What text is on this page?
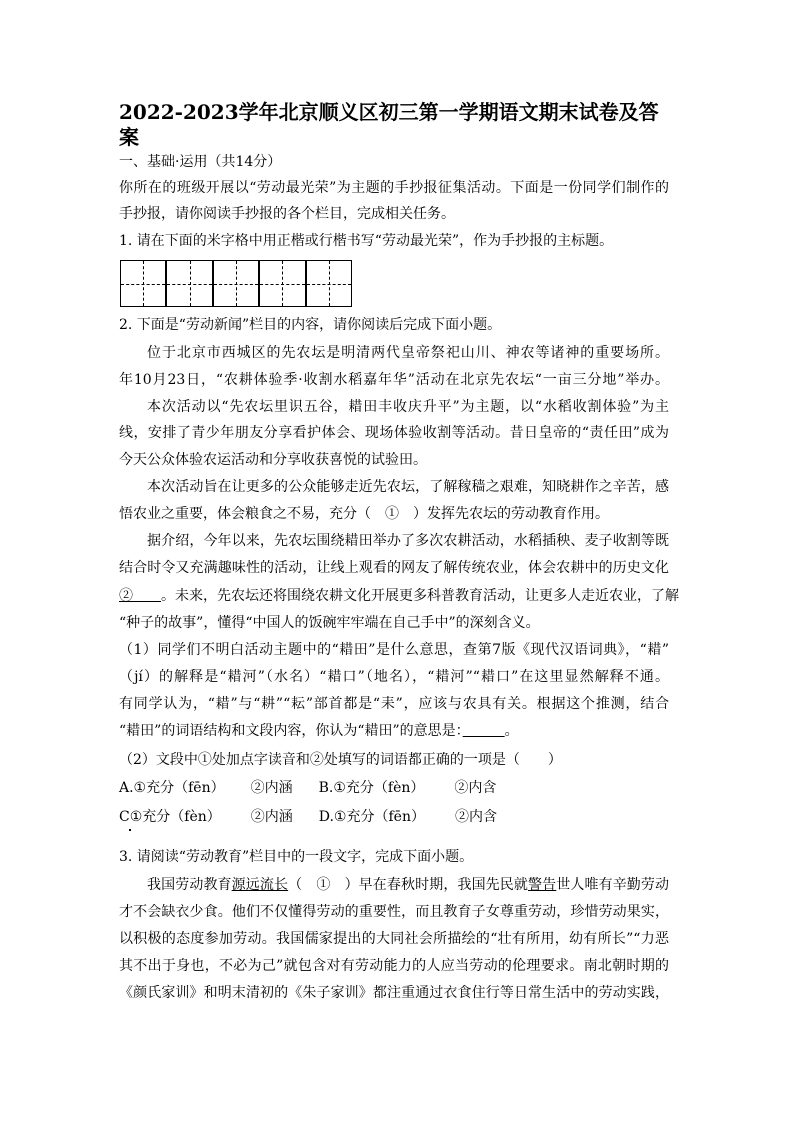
2022-2023学年北京顺义区初三第一学期语文期末试卷及答
案
一、基础·运用（共14分）
你所在的班级开展以“劳动最光荣”为主题的手抄报征集活动。下面是一份同学们制作的
手抄报，请你阅读手抄报的各个栏目，完成相关任务。
1. 请在下面的米字格中用正楷或行楷书写“劳动最光荣”，作为手抄报的主标题。
2. 下面是“劳动新闻”栏目的内容，请你阅读后完成下面小题。
位于北京市西城区的先农坛是明清两代皇帝祭祀山川、神农等诸神的重要场所。
年10月23日，“农耕体验季·收割水稻嘉年华”活动在北京先农坛“一亩三分地”举办。
本次活动以“先农坛里识五谷，耤田丰收庆升平”为主题，以“水稻收割体验”为主
线，安排了青少年朋友分享看护体会、现场体验收割等活动。昔日皇帝的“责任田”成为
今天公众体验农运活动和分享收获喜悦的试验田。
本次活动旨在让更多的公众能够走近先农坛，了解稼穑之艰难，知晓耕作之辛苦，感
悟农业之重要，体会粮食之不易，充分（　①　）发挥先农坛的劳动教育作用。
据介绍，今年以来，先农坛围绕耤田举办了多次农耕活动，水稻插秧、麦子收割等既
结合时令又充满趣味性的活动，让线上观看的网友了解传统农业，体会农耕中的历史文化
②　　。未来，先农坛还将围绕农耕文化开展更多科普教育活动，让更多人走近农业，了解
“种子的故事”，懂得“中国人的饭碗牢牢端在自己手中”的深刻含义。
（1）同学们不明白活动主题中的“耤田”是什么意思，查第7版《现代汉语词典》，“耤”
（jí）的解释是“耤河”（水名）“耤口”（地名），“耤河”“耤口”在这里显然解释不通。
有同学认为，“耤”与“耕”“耘”部首都是“耒”，应该与农具有关。根据这个推测，结合
“耤田”的词语结构和文段内容，你认为“耤田”的意思是：　　　	。
（2）文段中①处加点字读音和②处填写的词语都正确的一项是（　　）
A.①充分（fēn） ②内涵 B.①充分（fèn） ②内含
C①充分（fèn） ②内涵 D.①充分（fēn） ②内含
3. 请阅读“劳动教育”栏目中的一段文字，完成下面小题。
我国劳动教育源远流长（　①　）早在春秋时期，我国先民就警告世人唯有辛勤劳动
才不会缺衣少食。他们不仅懂得劳动的重要性，而且教育子女尊重劳动，珍惜劳动果实，
以积极的态度参加劳动。我国儒家提出的大同社会所描绘的“壮有所用，幼有所长”“力恶
其不出于身也，不必为己”就包含对有劳动能力的人应当劳动的伦理要求。南北朝时期的
《颜氏家训》和明末清初的《朱子家训》都注重通过衣食住行等日常生活中的劳动实践，
